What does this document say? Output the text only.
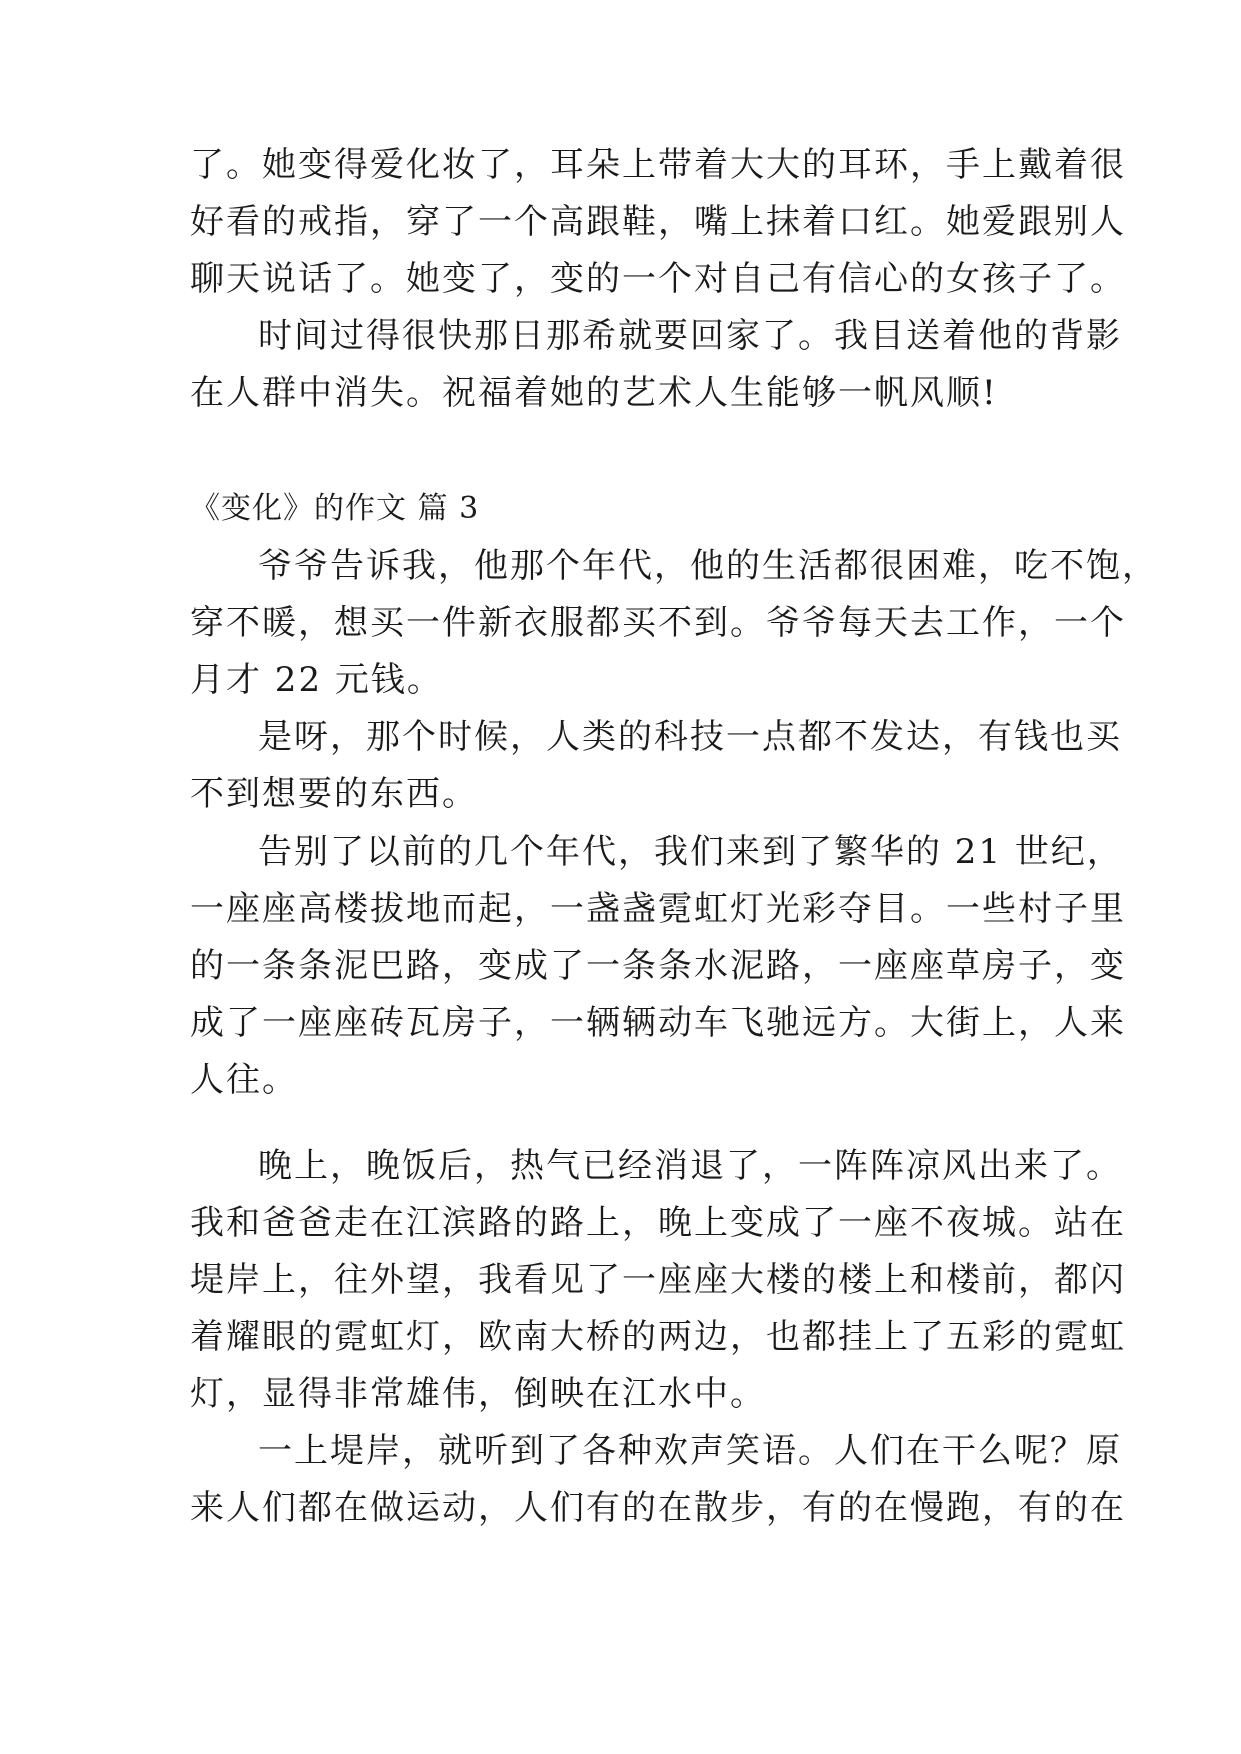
了。她变得爱化妆了，耳朵上带着大大的耳环，手上戴着很
好看的戒指，穿了一个高跟鞋，嘴上抹着口红。她爱跟别人
聊天说话了。她变了，变的一个对自己有信心的女孩子了。
时间过得很快那日那希就要回家了。我目送着他的背影
在人群中消失。祝福着她的艺术人生能够一帆风顺!
《变化》的作文 篇 3
爷爷告诉我，他那个年代，他的生活都很困难，吃不饱，
穿不暖，想买一件新衣服都买不到。爷爷每天去工作，一个
月才 22 元钱。
是呀，那个时候，人类的科技一点都不发达，有钱也买
不到想要的东西。
告别了以前的几个年代，我们来到了繁华的 21 世纪，
一座座高楼拔地而起，一盏盏霓虹灯光彩夺目。一些村子里
的一条条泥巴路，变成了一条条水泥路，一座座草房子，变
成了一座座砖瓦房子，一辆辆动车飞驰远方。大街上，人来
人往。
晚上，晚饭后，热气已经消退了，一阵阵凉风出来了。
我和爸爸走在江滨路的路上，晚上变成了一座不夜城。站在
堤岸上，往外望，我看见了一座座大楼的楼上和楼前，都闪
着耀眼的霓虹灯，欧南大桥的两边，也都挂上了五彩的霓虹
灯，显得非常雄伟，倒映在江水中。
一上堤岸，就听到了各种欢声笑语。人们在干么呢？原
来人们都在做运动，人们有的在散步，有的在慢跑，有的在
